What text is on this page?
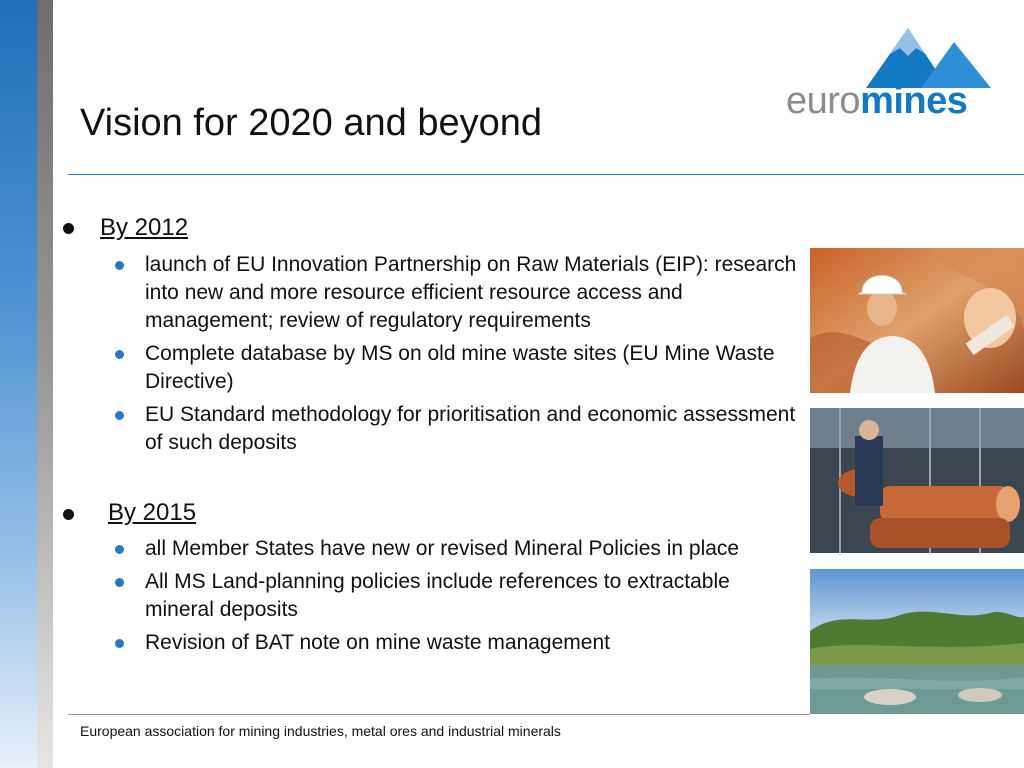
euromines
Vision for 2020 and beyond
By 2012
launch of EU Innovation Partnership on Raw Materials (EIP): research into new and more resource efficient resource access and management; review of regulatory requirements
Complete database by MS on old mine waste sites (EU Mine Waste Directive)
EU Standard methodology for prioritisation and economic assessment of such deposits
By 2015
all Member States have new or revised Mineral Policies in place
All MS Land-planning policies include references to extractable mineral deposits
Revision of BAT note on mine waste management
European association for mining industries, metal ores and industrial minerals
